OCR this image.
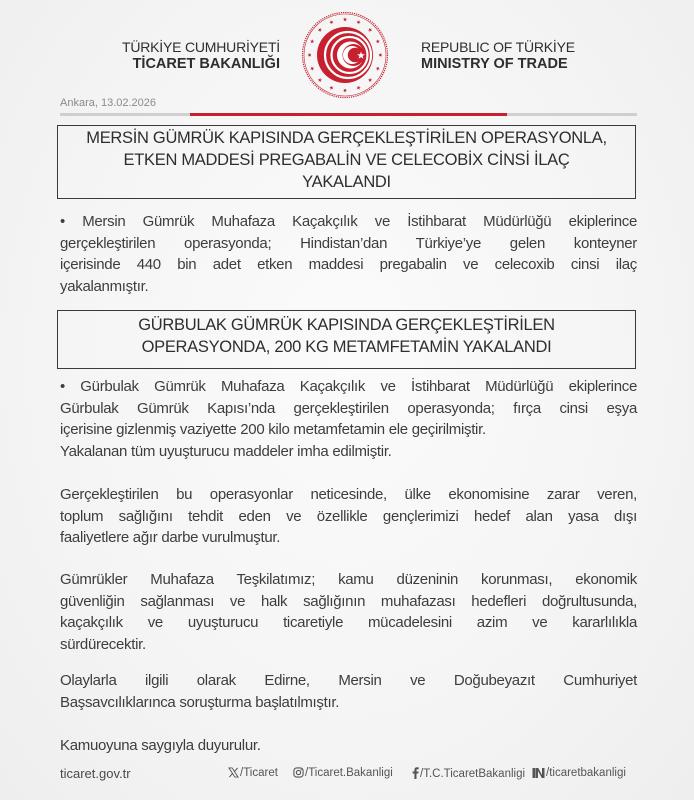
TÜRKİYE CUMHURİYETİ
TİCARET BAKANLIĞI
REPUBLIC OF TÜRKİYE
MINISTRY OF TRADE
Ankara, 13.02.2026
MERSİN GÜMRÜK KAPISINDA GERÇEKLEŞTİRİLEN OPERASYONLA,
ETKEN MADDESİ PREGABALİN VE CELECOBİX CİNSİ İLAÇ
YAKALANDI
• Mersin Gümrük Muhafaza Kaçakçılık ve İstihbarat Müdürlüğü ekiplerince
gerçekleştirilen operasyonda; Hindistan’dan Türkiye’ye gelen konteyner
içerisinde 440 bin adet etken maddesi pregabalin ve celecoxib cinsi ilaç
yakalanmıştır.
GÜRBULAK GÜMRÜK KAPISINDA GERÇEKLEŞTİRİLEN
OPERASYONDA, 200 KG METAMFETAMİN YAKALANDI
• Gürbulak Gümrük Muhafaza Kaçakçılık ve İstihbarat Müdürlüğü ekiplerince
Gürbulak Gümrük Kapısı’nda gerçekleştirilen operasyonda; fırça cinsi eşya
içerisine gizlenmiş vaziyette 200 kilo metamfetamin ele geçirilmiştir.
Yakalanan tüm uyuşturucu maddeler imha edilmiştir.
Gerçekleştirilen bu operasyonlar neticesinde, ülke ekonomisine zarar veren,
toplum sağlığını tehdit eden ve özellikle gençlerimizi hedef alan yasa dışı
faaliyetlere ağır darbe vurulmuştur.
Gümrükler Muhafaza Teşkilatımız; kamu düzeninin korunması, ekonomik
güvenliğin sağlanması ve halk sağlığının muhafazası hedefleri doğrultusunda,
kaçakçılık ve uyuşturucu ticaretiyle mücadelesini azim ve kararlılıkla
sürdürecektir.
Olaylarla ilgili olarak Edirne, Mersin ve Doğubeyazıt Cumhuriyet
Başsavcılıklarınca soruşturma başlatılmıştır.
Kamuoyuna saygıyla duyurulur.
ticaret.gov.tr	/Ticaret	/Ticaret.Bakanligi	/T.C.TicaretBakanligi	/ticaretbakanligi
